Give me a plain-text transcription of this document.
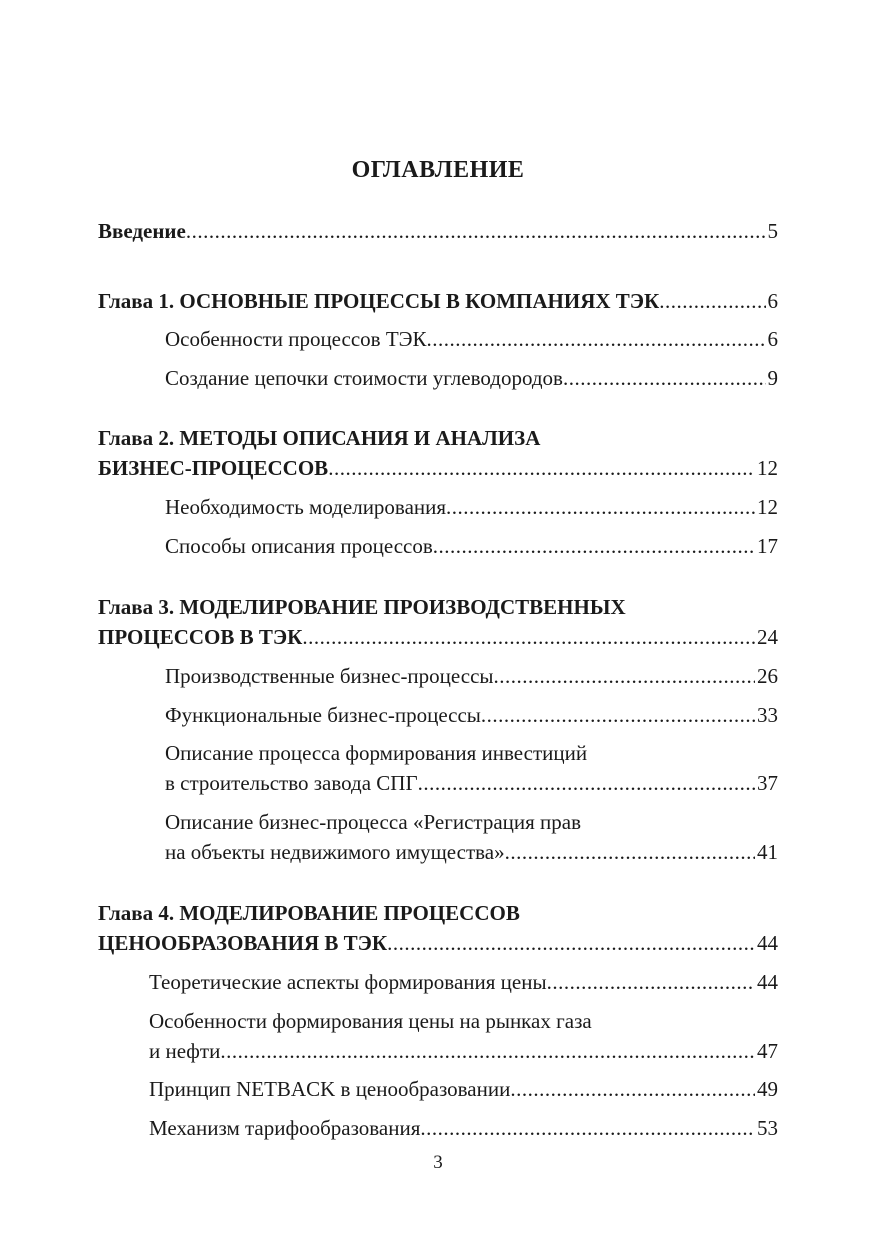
ОГЛАВЛЕНИЕ
Введение .....	5
Глава 1. ОСНОВНЫЕ ПРОЦЕССЫ В КОМПАНИЯХ ТЭК .....	6
Особенности процессов ТЭК .....	6
Создание цепочки стоимости углеводородов .....	9
Глава 2. МЕТОДЫ ОПИСАНИЯ И АНАЛИЗА
БИЗНЕС-ПРОЦЕССОВ .....	12
Необходимость моделирования .....	12
Способы описания процессов .....	17
Глава 3. МОДЕЛИРОВАНИЕ ПРОИЗВОДСТВЕННЫХ
ПРОЦЕССОВ В ТЭК .....	24
Производственные бизнес-процессы .....	26
Функциональные бизнес-процессы .....	33
Описание процесса формирования инвестиций
в строительство завода СПГ .....	37
Описание бизнес-процесса «Регистрация прав
на объекты недвижимого имущества» .....	41
Глава 4. МОДЕЛИРОВАНИЕ ПРОЦЕССОВ
ЦЕНООБРАЗОВАНИЯ В ТЭК .....	44
Теоретические аспекты формирования цены .....	44
Особенности формирования цены на рынках газа
и нефти .....	47
Принцип NETBACK в ценообразовании .....	49
Механизм тарифообразования .....	53
3
